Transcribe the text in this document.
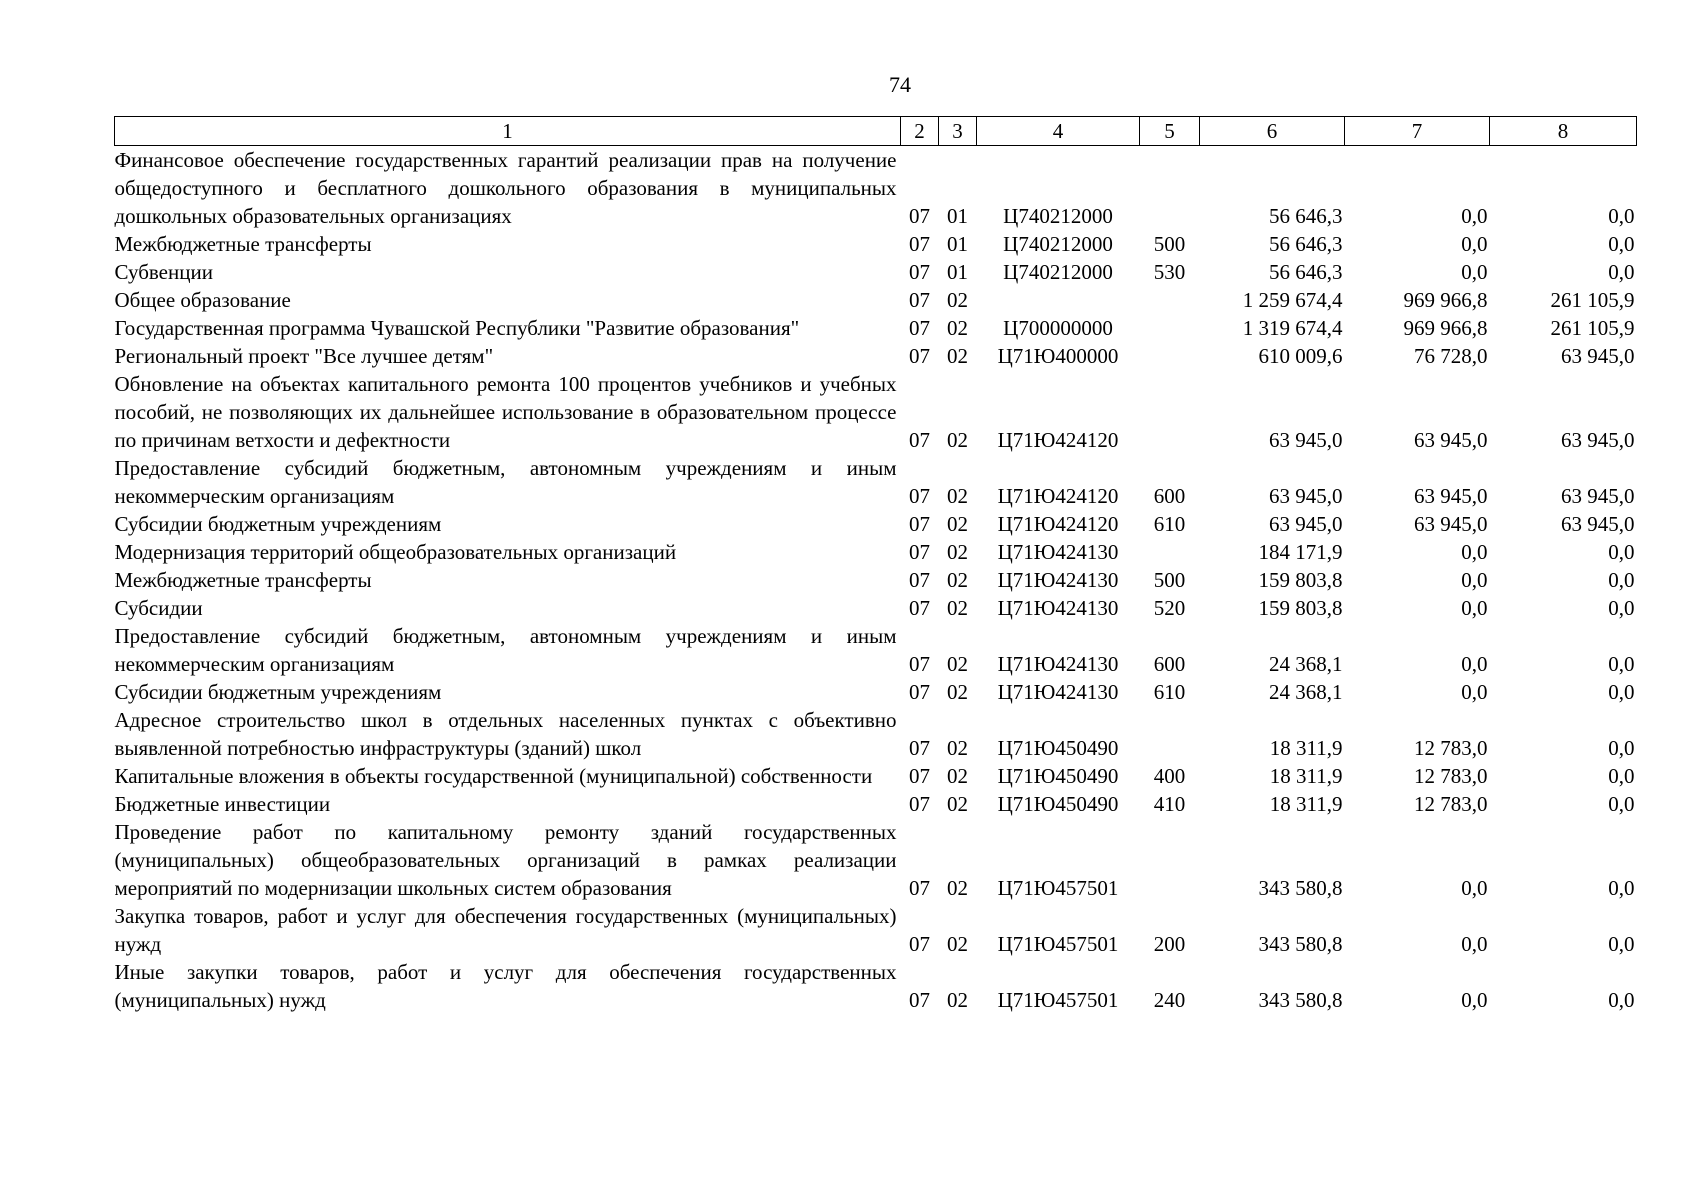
74
1	2	3	4	5	6	7	8
Финансовое обеспечение государственных гарантий реализации прав на получение общедоступного и бесплатного дошкольного образования в муниципальных дошкольных образовательных организациях	07	01	Ц740212000		56 646,3	0,0	0,0
Межбюджетные трансферты	07	01	Ц740212000	500	56 646,3	0,0	0,0
Субвенции	07	01	Ц740212000	530	56 646,3	0,0	0,0
Общее образование	07	02			1 259 674,4	969 966,8	261 105,9
Государственная программа Чувашской Республики "Развитие образования"	07	02	Ц700000000		1 319 674,4	969 966,8	261 105,9
Региональный проект "Все лучшее детям"	07	02	Ц71Ю400000		610 009,6	76 728,0	63 945,0
Обновление на объектах капитального ремонта 100 процентов учебников и учебных пособий, не позволяющих их дальнейшее использование в образовательном процессе по причинам ветхости и дефектности	07	02	Ц71Ю424120		63 945,0	63 945,0	63 945,0
Предоставление субсидий бюджетным, автономным учреждениям и иным некоммерческим организациям	07	02	Ц71Ю424120	600	63 945,0	63 945,0	63 945,0
Субсидии бюджетным учреждениям	07	02	Ц71Ю424120	610	63 945,0	63 945,0	63 945,0
Модернизация территорий общеобразовательных организаций	07	02	Ц71Ю424130		184 171,9	0,0	0,0
Межбюджетные трансферты	07	02	Ц71Ю424130	500	159 803,8	0,0	0,0
Субсидии	07	02	Ц71Ю424130	520	159 803,8	0,0	0,0
Предоставление субсидий бюджетным, автономным учреждениям и иным некоммерческим организациям	07	02	Ц71Ю424130	600	24 368,1	0,0	0,0
Субсидии бюджетным учреждениям	07	02	Ц71Ю424130	610	24 368,1	0,0	0,0
Адресное строительство школ в отдельных населенных пунктах с объективно выявленной потребностью инфраструктуры (зданий) школ	07	02	Ц71Ю450490		18 311,9	12 783,0	0,0
Капитальные вложения в объекты государственной (муниципальной) собственности	07	02	Ц71Ю450490	400	18 311,9	12 783,0	0,0
Бюджетные инвестиции	07	02	Ц71Ю450490	410	18 311,9	12 783,0	0,0
Проведение работ по капитальному ремонту зданий государственных (муниципальных) общеобразовательных организаций в рамках реализации мероприятий по модернизации школьных систем образования	07	02	Ц71Ю457501		343 580,8	0,0	0,0
Закупка товаров, работ и услуг для обеспечения государственных (муниципальных) нужд	07	02	Ц71Ю457501	200	343 580,8	0,0	0,0
Иные закупки товаров, работ и услуг для обеспечения государственных (муниципальных) нужд	07	02	Ц71Ю457501	240	343 580,8	0,0	0,0
